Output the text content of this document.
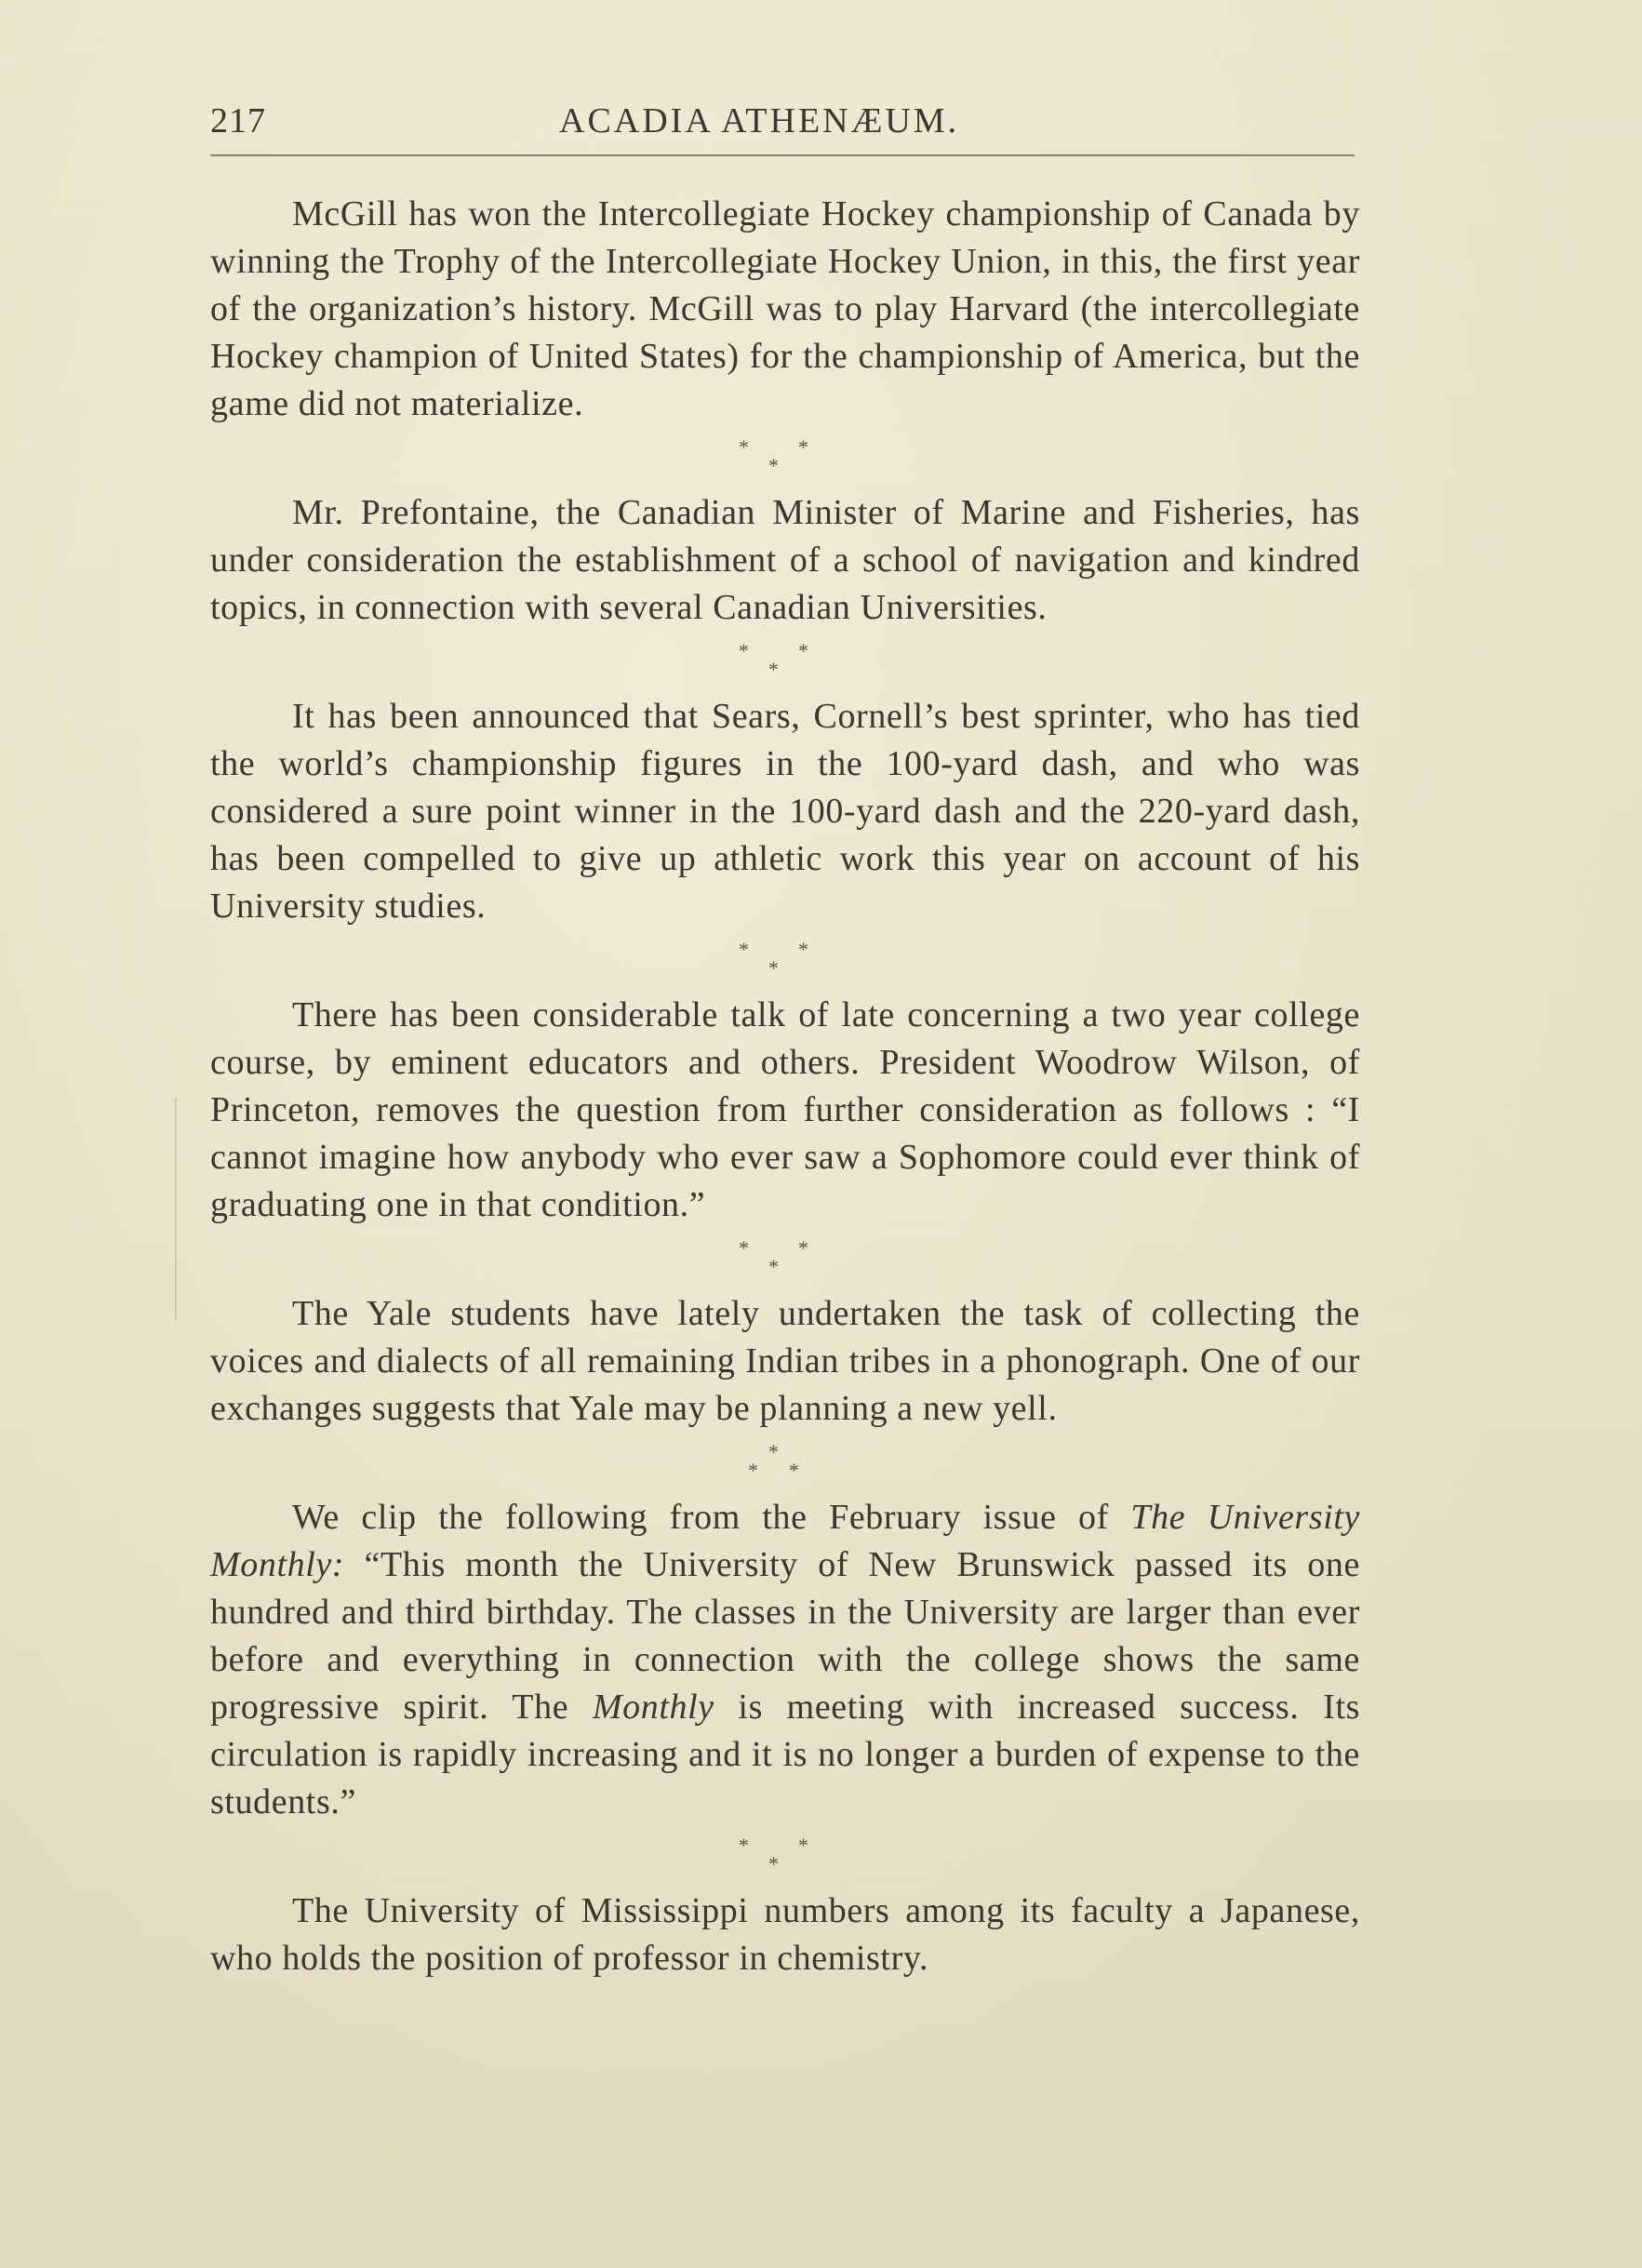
217	ACADIA ATHENÆUM.

McGill has won the Intercollegiate Hockey championship of Canada by winning the Trophy of the Intercollegiate Hockey Union, in this, the first year of the organization’s history. McGill was to play Harvard (the intercollegiate Hockey champion of United States) for the championship of America, but the game did not materialize.

* *
*

Mr. Prefontaine, the Canadian Minister of Marine and Fisheries, has under consideration the establishment of a school of navigation and kindred topics, in connection with several Canadian Universities.

* *
*

It has been announced that Sears, Cornell’s best sprinter, who has tied the world’s championship figures in the 100-yard dash, and who was considered a sure point winner in the 100-yard dash and the 220-yard dash, has been compelled to give up athletic work this year on account of his University studies.

* *
*

There has been considerable talk of late concerning a two year college course, by eminent educators and others. President Woodrow Wilson, of Princeton, removes the question from further consideration as follows : “I cannot imagine how anybody who ever saw a Sophomore could ever think of graduating one in that condition.”

* *
*

The Yale students have lately undertaken the task of collecting the voices and dialects of all remaining Indian tribes in a phonograph. One of our exchanges suggests that Yale may be planning a new yell.

*
* *

We clip the following from the February issue of The University Monthly: “This month the University of New Brunswick passed its one hundred and third birthday. The classes in the University are larger than ever before and everything in connection with the college shows the same progressive spirit. The Monthly is meeting with increased success. Its circulation is rapidly increasing and it is no longer a burden of expense to the students.”

* *
*

The University of Mississippi numbers among its faculty a Japanese, who holds the position of professor in chemistry.
